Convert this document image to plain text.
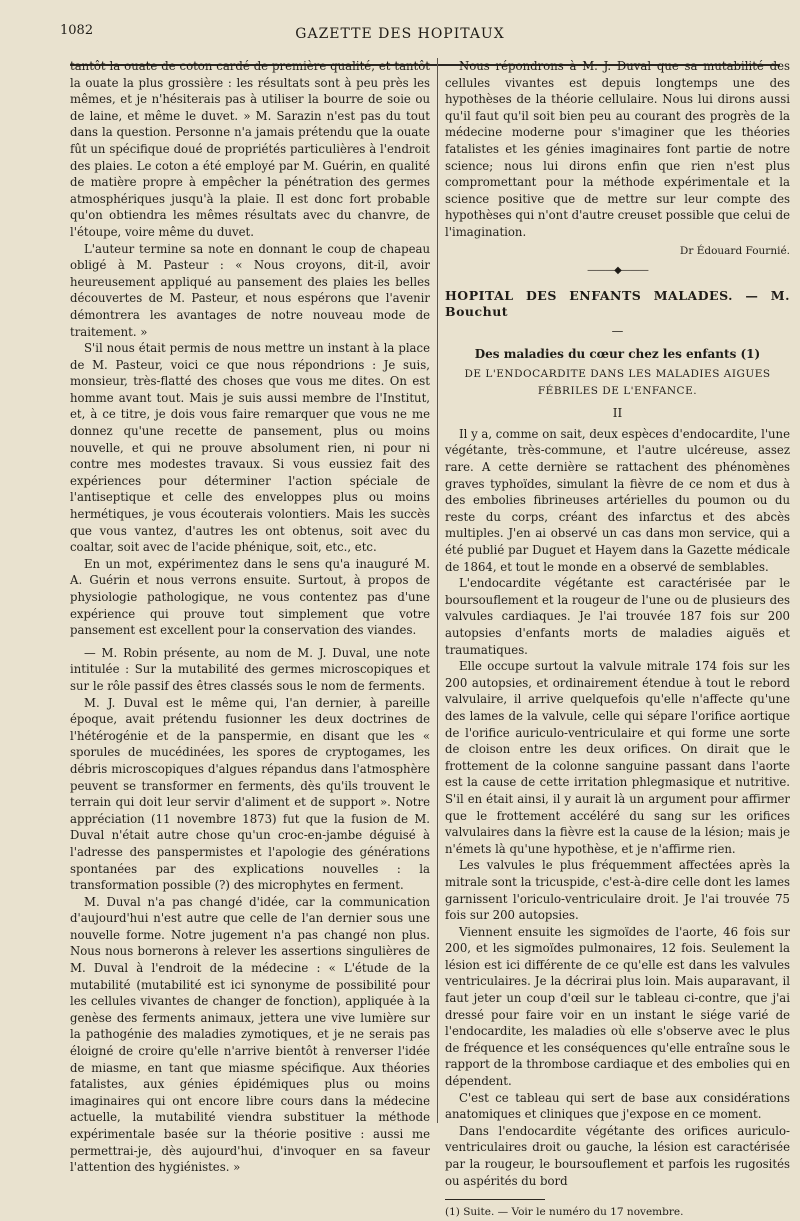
1082	GAZETTE DES HOPITAUX

tantôt la ouate de coton cardé de première qualité, et tantôt la ouate la plus grossière : les résultats sont à peu près les mêmes, et je n'hésiterais pas à utiliser la bourre de soie ou de laine, et même le duvet. » M. Sarazin n'est pas du tout dans la question. Personne n'a jamais prétendu que la ouate fût un spécifique doué de propriétés particulières à l'endroit des plaies. Le coton a été employé par M. Guérin, en qualité de matière propre à empêcher la pénétration des germes atmosphériques jusqu'à la plaie. Il est donc fort probable qu'on obtiendra les mêmes résultats avec du chanvre, de l'étoupe, voire même du duvet.

L'auteur termine sa note en donnant le coup de chapeau obligé à M. Pasteur : « Nous croyons, dit-il, avoir heureusement appliqué au pansement des plaies les belles découvertes de M. Pasteur, et nous espérons que l'avenir démontrera les avantages de notre nouveau mode de traitement. »

S'il nous était permis de nous mettre un instant à la place de M. Pasteur, voici ce que nous répondrions : Je suis, monsieur, très-flatté des choses que vous me dites. On est homme avant tout. Mais je suis aussi membre de l'Institut, et, à ce titre, je dois vous faire remarquer que vous ne me donnez qu'une recette de pansement, plus ou moins nouvelle, et qui ne prouve absolument rien, ni pour ni contre mes modestes travaux. Si vous eussiez fait des expériences pour déterminer l'action spéciale de l'antiseptique et celle des enveloppes plus ou moins hermétiques, je vous écouterais volontiers. Mais les succès que vous vantez, d'autres les ont obtenus, soit avec du coaltar, soit avec de l'acide phénique, soit, etc., etc.

En un mot, expérimentez dans le sens qu'a inauguré M. A. Guérin et nous verrons ensuite. Surtout, à propos de physiologie pathologique, ne vous contentez pas d'une expérience qui prouve tout simplement que votre pansement est excellent pour la conservation des viandes.

— M. Robin présente, au nom de M. J. Duval, une note intitulée : Sur la mutabilité des germes microscopiques et sur le rôle passif des êtres classés sous le nom de ferments.

M. J. Duval est le même qui, l'an dernier, à pareille époque, avait prétendu fusionner les deux doctrines de l'hétérogénie et de la panspermie, en disant que les « sporules de mucédinées, les spores de cryptogames, les débris microscopiques d'algues répandus dans l'atmosphère peuvent se transformer en ferments, dès qu'ils trouvent le terrain qui doit leur servir d'aliment et de support ». Notre appréciation (11 novembre 1873) fut que la fusion de M. Duval n'était autre chose qu'un croc-en-jambe déguisé à l'adresse des panspermistes et l'apologie des générations spontanées par des explications nouvelles : la transformation possible (?) des microphytes en ferment.

M. Duval n'a pas changé d'idée, car la communication d'aujourd'hui n'est autre que celle de l'an dernier sous une nouvelle forme. Notre jugement n'a pas changé non plus. Nous nous bornerons à relever les assertions singulières de M. Duval à l'endroit de la médecine : « L'étude de la mutabilité (mutabilité est ici synonyme de possibilité pour les cellules vivantes de changer de fonction), appliquée à la genèse des ferments animaux, jettera une vive lumière sur la pathogénie des maladies zymotiques, et je ne serais pas éloigné de croire qu'elle n'arrive bientôt à renverser l'idée de miasme, en tant que miasme spécifique. Aux théories fatalistes, aux génies épidémiques plus ou moins imaginaires qui ont encore libre cours dans la médecine actuelle, la mutabilité viendra substituer la méthode expérimentale basée sur la théorie positive : aussi me permettrai-je, dès aujourd'hui, d'invoquer en sa faveur l'attention des hygiénistes. »

Nous répondrons à M. J. Duval que sa mutabilité des cellules vivantes est depuis longtemps une des hypothèses de la théorie cellulaire. Nous lui dirons aussi qu'il faut qu'il soit bien peu au courant des progrès de la médecine moderne pour s'imaginer que les théories fatalistes et les génies imaginaires font partie de notre science; nous lui dirons enfin que rien n'est plus compromettant pour la méthode expérimentale et la science positive que de mettre sur leur compte des hypothèses qui n'ont d'autre creuset possible que celui de l'imagination.

Dr Édouard Fournié.

———◆———
HOPITAL DES ENFANTS MALADES. — M. Bouchut
—
Des maladies du cœur chez les enfants (1)
DE L'ENDOCARDITE DANS LES MALADIES AIGUES FÉBRILES DE L'ENFANCE.
II

Il y a, comme on sait, deux espèces d'endocardite, l'une végétante, très-commune, et l'autre ulcéreuse, assez rare. A cette dernière se rattachent des phénomènes graves typhoïdes, simulant la fièvre de ce nom et dus à des embolies fibrineuses artérielles du poumon ou du reste du corps, créant des infarctus et des abcès multiples. J'en ai observé un cas dans mon service, qui a été publié par Duguet et Hayem dans la Gazette médicale de 1864, et tout le monde en a observé de semblables.

L'endocardite végétante est caractérisée par le boursouflement et la rougeur de l'une ou de plusieurs des valvules cardiaques. Je l'ai trouvée 187 fois sur 200 autopsies d'enfants morts de maladies aiguës et traumatiques.

Elle occupe surtout la valvule mitrale 174 fois sur les 200 autopsies, et ordinairement étendue à tout le rebord valvulaire, il arrive quelquefois qu'elle n'affecte qu'une des lames de la valvule, celle qui sépare l'orifice aortique de l'orifice auriculo-ventriculaire et qui forme une sorte de cloison entre les deux orifices. On dirait que le frottement de la colonne sanguine passant dans l'aorte est la cause de cette irritation phlegmasique et nutritive. S'il en était ainsi, il y aurait là un argument pour affirmer que le frottement accéléré du sang sur les orifices valvulaires dans la fièvre est la cause de la lésion; mais je n'émets là qu'une hypothèse, et je n'affirme rien.

Les valvules le plus fréquemment affectées après la mitrale sont la tricuspide, c'est-à-dire celle dont les lames garnissent l'oriculo-ventriculaire droit. Je l'ai trouvée 75 fois sur 200 autopsies.

Viennent ensuite les sigmoïdes de l'aorte, 46 fois sur 200, et les sigmoïdes pulmonaires, 12 fois. Seulement la lésion est ici différente de ce qu'elle est dans les valvules ventriculaires. Je la décrirai plus loin. Mais auparavant, il faut jeter un coup d'œil sur le tableau ci-contre, que j'ai dressé pour faire voir en un instant le siége varié de l'endocardite, les maladies où elle s'observe avec le plus de fréquence et les conséquences qu'elle entraîne sous le rapport de la thrombose cardiaque et des embolies qui en dépendent.

C'est ce tableau qui sert de base aux considérations anatomiques et cliniques que j'expose en ce moment.

Dans l'endocardite végétante des orifices auriculo-ventriculaires droit ou gauche, la lésion est caractérisée par la rougeur, le boursouflement et parfois les rugosités ou aspérités du bord

(1) Suite. — Voir le numéro du 17 novembre.
